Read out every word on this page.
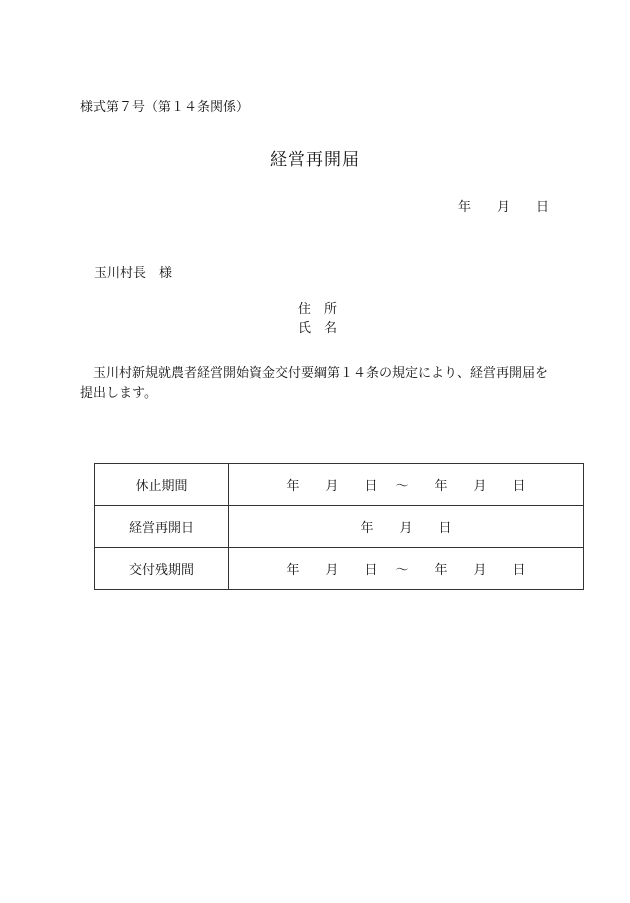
様式第７号（第１４条関係）
経営再開届
年 月 日
玉川村長　様
住　所
氏　名
玉川村新規就農者経営開始資金交付要綱第１４条の規定により、経営再開届を提出します。
休止期間	年 月 日 ～ 年 月 日
経営再開日	年 月 日
交付残期間	年 月 日 ～ 年 月 日
